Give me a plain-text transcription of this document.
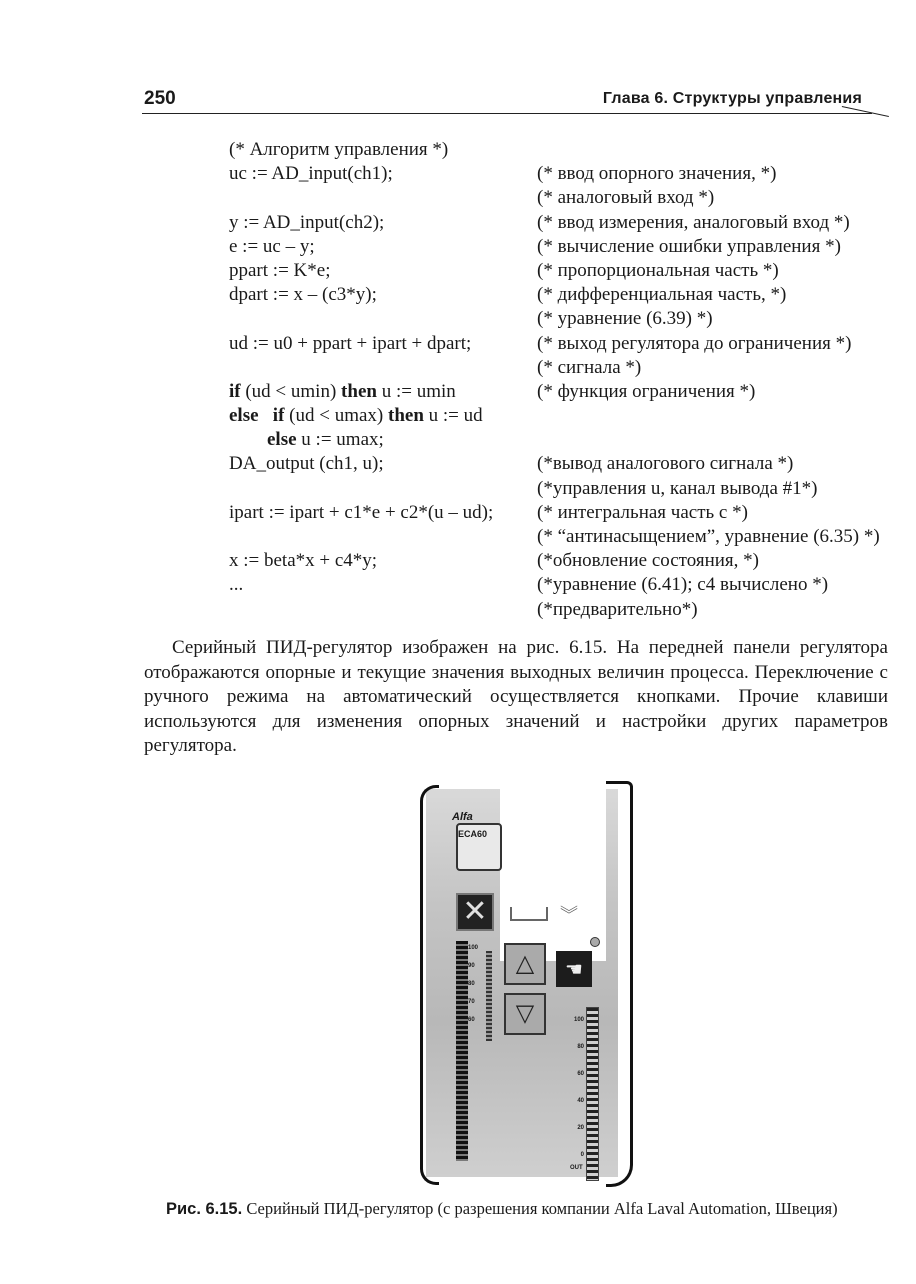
250	Глава 6. Структуры управления
(* Алгоритм управления *)
uc := AD_input(ch1);	(* ввод опорного значения, *)
(* аналоговый вход *)
y := AD_input(ch2);	(* ввод измерения, аналоговый вход *)
e := uc – y;	(* вычисление ошибки управления *)
ppart := K*e;	(* пропорциональная часть *)
dpart := x – (c3*y);	(* дифференциальная часть, *)
(* уравнение (6.39) *)
ud := u0 + ppart + ipart + dpart;	(* выход регулятора до ограничения *)
(* сигнала *)
if (ud < umin) then u := umin	(* функция ограничения *)
else if (ud < umax) then u := ud
else u := umax;
DA_output (ch1, u);	(*вывод аналогового сигнала *)
(*управления u, канал вывода #1*)
ipart := ipart + c1*e + c2*(u – ud); (* интегральная часть с *)
(* “антинасыщением”, уравнение (6.35) *)
x := beta*x + c4*y;	(*обновление состояния, *)
...	(*уравнение (6.41); c4 вычислено *)
(*предварительно*)

Серийный ПИД-регулятор изображен на рис. 6.15. На передней панели регулятора отображаются опорные и текущие значения выходных величин процесса. Переключение с ручного режима на автоматический осуществляется кнопками. Прочие клавиши используются для изменения опорных значений и настройки других параметров регулятора.

Alfa
ECA60
✕	︾
100
90
80
70
60
△
▽
☚
100
80
60
40
20
0
OUT
Рис. 6.15. Серийный ПИД-регулятор (с разрешения компании Alfa Laval Automation, Швеция)
